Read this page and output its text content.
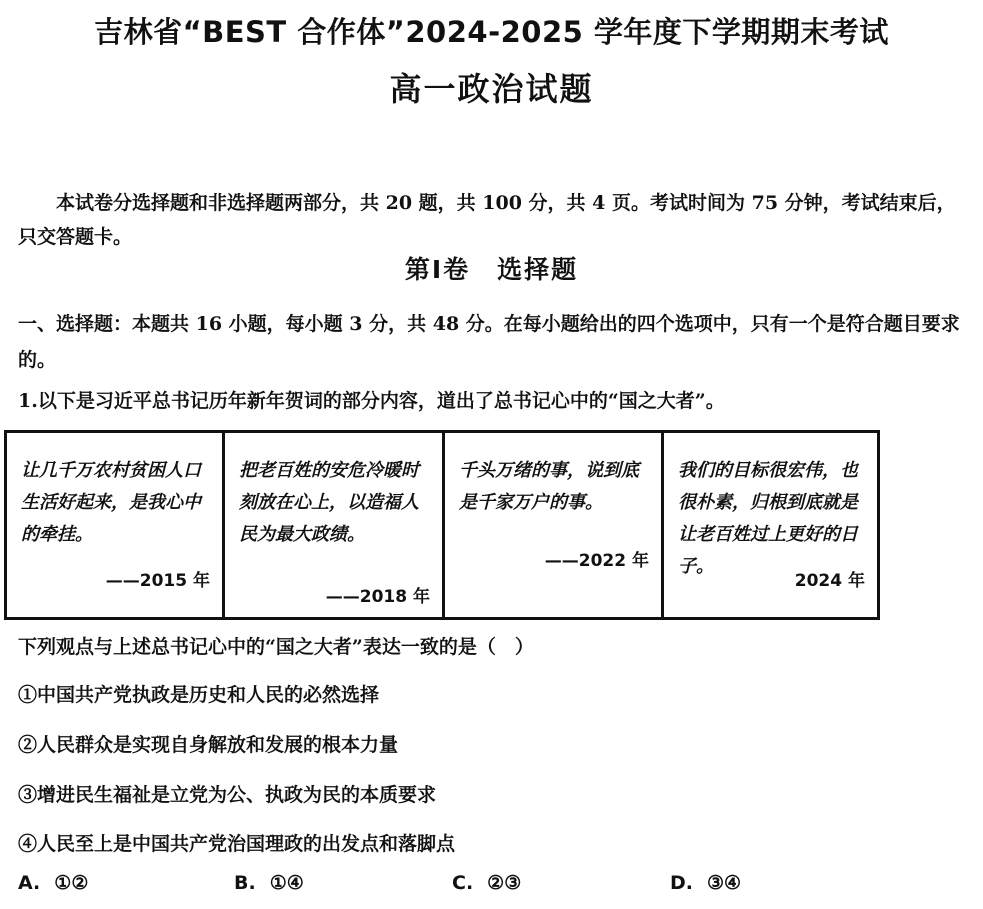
吉林省“BEST 合作体”2024-2025 学年度下学期期末考试
高一政治试题
本试卷分选择题和非选择题两部分，共 20 题，共 100 分，共 4 页。考试时间为 75 分钟，考试结束后，只交答题卡。
第Ⅰ卷　选择题
一、选择题：本题共 16 小题，每小题 3 分，共 48 分。在每小题给出的四个选项中，只有一个是符合题目要求的。
1.以下是习近平总书记历年新年贺词的部分内容，道出了总书记心中的“国之大者”。
让几千万农村贫困人口生活好起来，是我心中的牵挂。
——2015 年
把老百姓的安危冷暖时刻放在心上，以造福人民为最大政绩。
——2018 年
千头万绪的事，说到底是千家万户的事。
——2022 年
我们的目标很宏伟，也很朴素，归根到底就是让老百姓过上更好的日子。
2024 年
下列观点与上述总书记心中的“国之大者”表达一致的是（　）
①中国共产党执政是历史和人民的必然选择
②人民群众是实现自身解放和发展的根本力量
③增进民生福祉是立党为公、执政为民的本质要求
④人民至上是中国共产党治国理政的出发点和落脚点
A. ①②	B. ①④	C. ②③	D. ③④
